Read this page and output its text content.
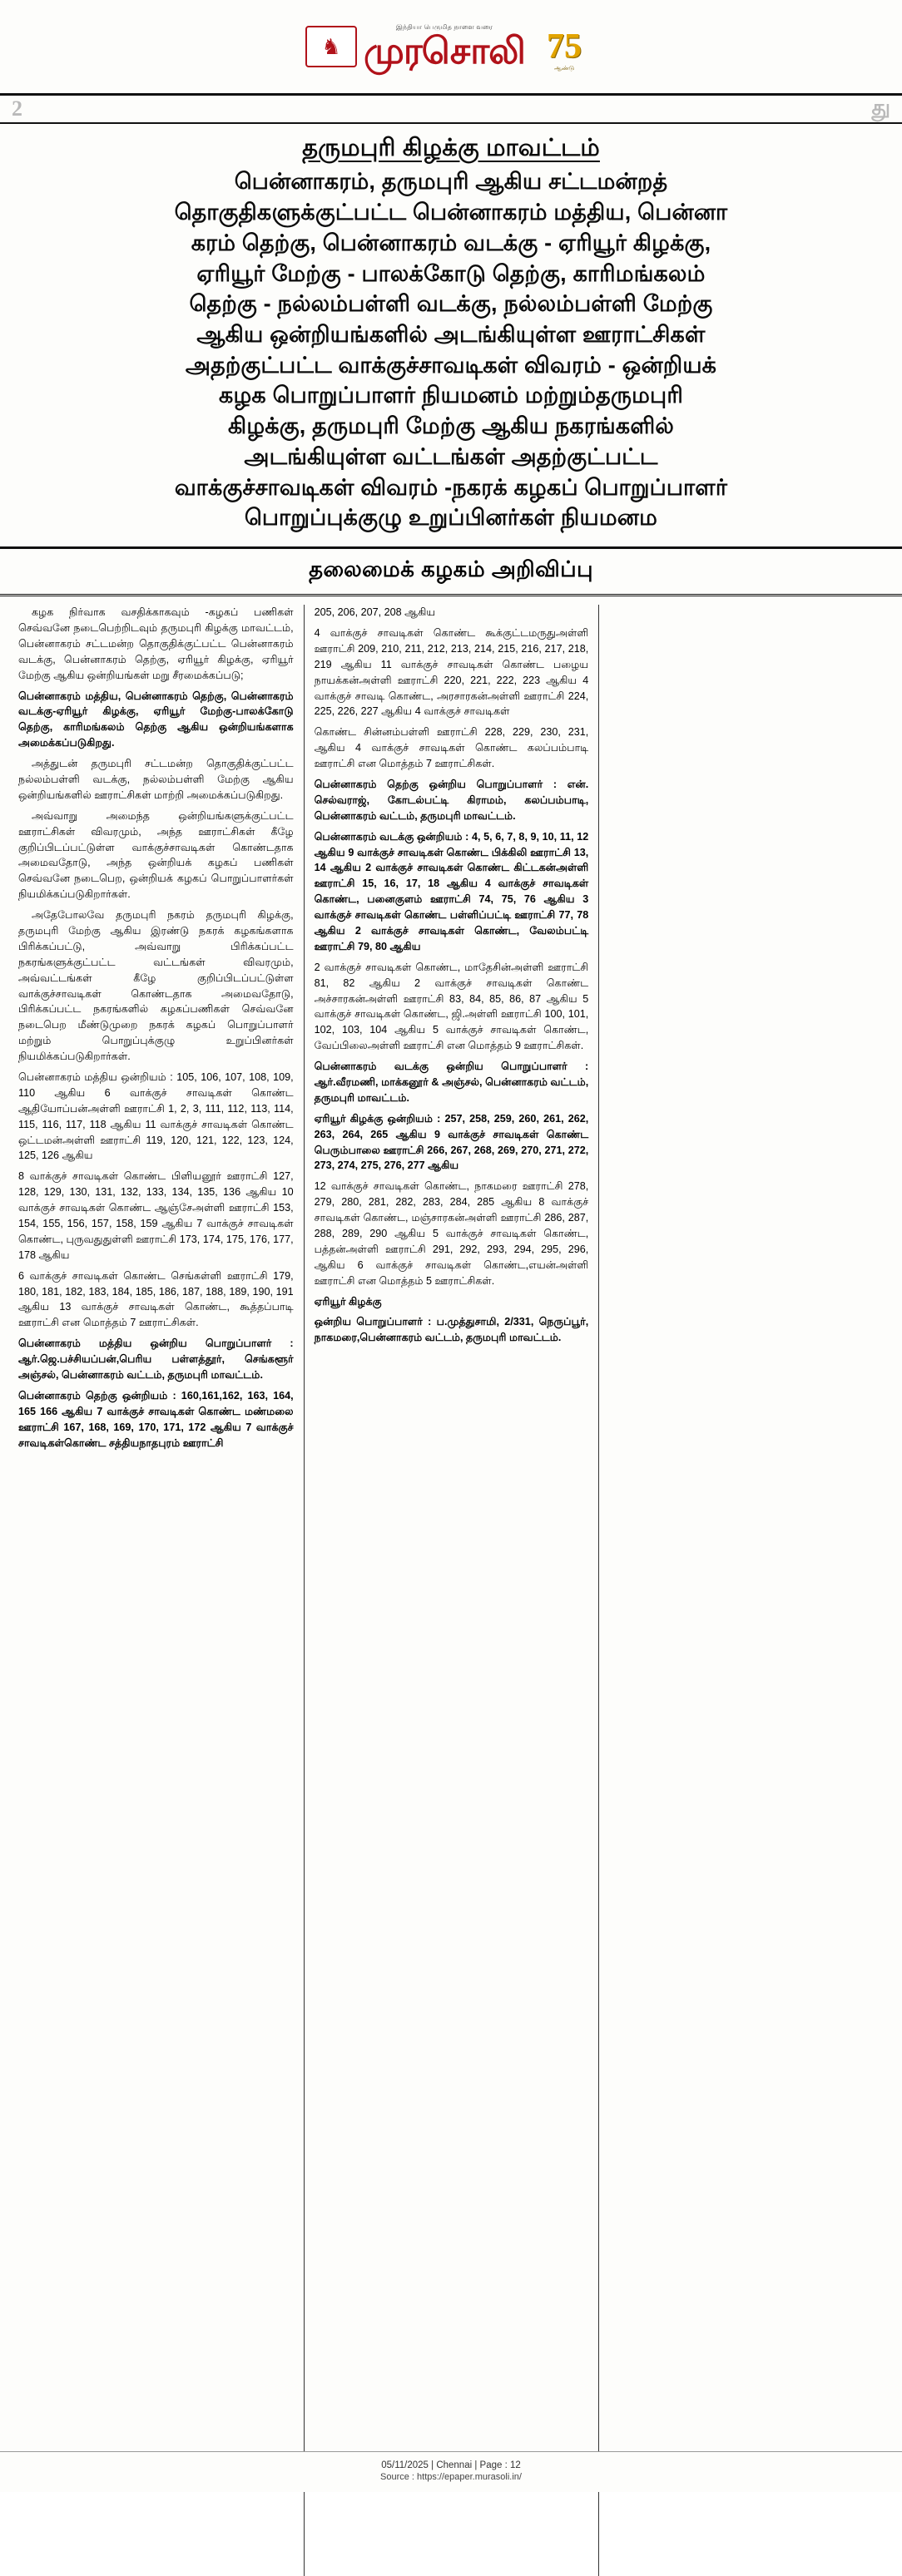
♞
இந்தியா பெருமித நாளை வரை
முரசொலி 75
ஆண்டு
2	து
தருமபுரி கிழக்கு மாவட்டம்
பென்னாகரம், தருமபுரி ஆகிய சட்டமன்றத்
தொகுதிகளுக்குட்பட்ட பென்னாகரம் மத்திய, பென்னா
கரம் தெற்கு, பென்னாகரம் வடக்கு - ஏரியூர் கிழக்கு,
ஏரியூர் மேற்கு - பாலக்கோடு தெற்கு, காரிமங்கலம்
தெற்கு - நல்லம்பள்ளி வடக்கு, நல்லம்பள்ளி மேற்கு
ஆகிய ஒன்றியங்களில் அடங்கியுள்ள ஊராட்சிகள்
அதற்குட்பட்ட வாக்குச்சாவடிகள் விவரம் - ஒன்றியக்
கழக பொறுப்பாளர் நியமனம் மற்றும்தருமபுரி
கிழக்கு, தருமபுரி மேற்கு ஆகிய நகரங்களில்
அடங்கியுள்ள வட்டங்கள் அதற்குட்பட்ட
வாக்குச்சாவடிகள் விவரம் -நகரக் கழகப் பொறுப்பாளர்
பொறுப்புக்குழு உறுப்பினர்கள் நியமனம
தலைமைக் கழகம் அறிவிப்பு

கழக நிர்வாக வசதிக்காகவும் -கழகப் பணிகள் செவ்வனே நடைபெற்றிடவும் தருமபுரி கிழக்கு மாவட்டம், பென்னாகரம் சட்டமன்ற தொகுதிக்குட்பட்ட பென்னாகரம் வடக்கு, பென்னாகரம் தெற்கு, ஏரியூர் கிழக்கு, ஏரியூர் மேற்கு ஆகிய ஒன்றியங்கள் மறு சீரமைக்கப்படு;

பென்னாகரம் மத்திய, பென்னாகரம் தெற்கு, பென்னாகரம் வடக்கு-ஏரியூர் கிழக்கு, ஏரியூர் மேற்கு-பாலக்கோடு தெற்கு, காரிமங்கலம் தெற்கு ஆகிய ஒன்றியங்களாக அமைக்கப்படுகிறது.

அத்துடன் தருமபுரி சட்டமன்ற தொகுதிக்குட்பட்ட நல்லம்பள்ளி வடக்கு, நல்லம்பள்ளி மேற்கு ஆகிய ஒன்றியங்களில் ஊராட்சிகள் மாற்றி அமைக்கப்படுகிறது.

அவ்வாறு அமைந்த ஒன்றியங்களுக்குட்பட்ட ஊராட்சிகள் விவரமும், அந்த ஊராட்சிகள் கீழே குறிப்பிடப்பட்டுள்ள வாக்குச்சாவடிகள் கொண்டதாக அமைவதோடு, அந்த ஒன்றியக் கழகப் பணிகள் செவ்வனே நடைபெற, ஒன்றியக் கழகப் பொறுப்பாளர்கள் நியமிக்கப்படுகிறார்கள்.

அதேபோலவே தருமபுரி நகரம் தருமபுரி கிழக்கு, தருமபுரி மேற்கு ஆகிய இரண்டு நகரக் கழகங்களாக பிரிக்கப்பட்டு, அவ்வாறு பிரிக்கப்பட்ட நகரங்களுக்குட்பட்ட வட்டங்கள் விவரமும், அவ்வட்டங்கள் கீழே குறிப்பிடப்பட்டுள்ள வாக்குச்சாவடிகள் கொண்டதாக அமைவதோடு, பிரிக்கப்பட்ட நகரங்களில் கழகப்பணிகள் செவ்வனே நடைபெற மீண்டுமுறை நகரக் கழகப் பொறுப்பாளர் மற்றும் பொறுப்புக்குழு உறுப்பினர்கள் நியமிக்கப்படுகிறார்கள்.

பென்னாகரம் மத்திய ஒன்றியம் : 105, 106, 107, 108, 109, 110 ஆகிய 6 வாக்குச் சாவடிகள் கொண்ட ஆதியோப்பன்அள்ளி ஊராட்சி 1, 2, 3, 111, 112, 113, 114, 115, 116, 117, 118 ஆகிய 11 வாக்குச் சாவடிகள் கொண்ட ஒட்டமன்அள்ளி ஊராட்சி 119, 120, 121, 122, 123, 124, 125, 126 ஆகிய

8 வாக்குச் சாவடிகள் கொண்ட பிளியனூர் ஊராட்சி 127, 128, 129, 130, 131, 132, 133, 134, 135, 136 ஆகிய 10 வாக்குச் சாவடிகள் கொண்ட ஆஞ்சேஅள்ளி ஊராட்சி 153, 154, 155, 156, 157, 158, 159 ஆகிய 7 வாக்குச் சாவடிகள் கொண்ட, புருவதுதுள்ளி ஊராட்சி 173, 174, 175, 176, 177, 178 ஆகிய

6 வாக்குச் சாவடிகள் கொண்ட செங்கள்ளி ஊராட்சி 179, 180, 181, 182, 183, 184, 185, 186, 187, 188, 189, 190, 191 ஆகிய 13 வாக்குச் சாவடிகள் கொண்ட, கூத்தப்பாடி ஊராட்சி என மொத்தம் 7 ஊராட்சிகள்.

பென்னாகரம் மத்திய ஒன்றிய பொறுப்பாளர் : ஆர்.ஜெ.பச்சியப்பன்,பெரிய பள்ளத்தூர், செங்களூர் அஞ்சல், பென்னாகரம் வட்டம், தருமபுரி மாவட்டம்.

பென்னாகரம் தெற்கு ஒன்றியம் : 160,161,162, 163, 164, 165 166 ஆகிய 7 வாக்குச் சாவடிகள் கொண்ட மண்மலை ஊராட்சி 167, 168, 169, 170, 171, 172 ஆகிய 7 வாக்குச் சாவடிகள்கொண்ட சத்தியநாதபுரம் ஊராட்சி

205, 206, 207, 208 ஆகிய

4 வாக்குச் சாவடிகள் கொண்ட கூக்குட்டமருதுஅள்ளி ஊராட்சி 209, 210, 211, 212, 213, 214, 215, 216, 217, 218, 219 ஆகிய 11 வாக்குச் சாவடிகள் கொண்ட பழைய நாயக்கன்அள்ளி ஊராட்சி 220, 221, 222, 223 ஆகிய 4 வாக்குச் சாவடி கொண்ட, அரசாரகன்அள்ளி ஊராட்சி 224, 225, 226, 227 ஆகிய 4 வாக்குச் சாவடிகள்

கொண்ட சின்னம்பள்ளி ஊராட்சி 228, 229, 230, 231, ஆகிய 4 வாக்குச் சாவடிகள் கொண்ட கலப்பம்பாடி ஊராட்சி என மொத்தம் 7 ஊராட்சிகள்.

பென்னாகரம் தெற்கு ஒன்றிய பொறுப்பாளர் : என். செல்வராஜ், கோடல்பட்டி கிராமம், கலப்பம்பாடி, பென்னாகரம் வட்டம், தருமபுரி மாவட்டம்.

பென்னாகரம் வடக்கு ஒன்றியம் : 4, 5, 6, 7, 8, 9, 10, 11, 12 ஆகிய 9 வாக்குச் சாவடிகள் கொண்ட பிக்கிலி ஊராட்சி 13, 14 ஆகிய 2 வாக்குச் சாவடிகள் கொண்ட கிட்டகன்அள்ளி ஊராட்சி 15, 16, 17, 18 ஆகிய 4 வாக்குச் சாவடிகள் கொண்ட, பனைகுளம் ஊராட்சி 74, 75, 76 ஆகிய 3 வாக்குச் சாவடிகள் கொண்ட பள்ளிப்பட்டி ஊராட்சி 77, 78 ஆகிய 2 வாக்குச் சாவடிகள் கொண்ட, வேலம்பட்டி ஊராட்சி 79, 80 ஆகிய

2 வாக்குச் சாவடிகள் கொண்ட, மாதேசின்அள்ளி ஊராட்சி 81, 82 ஆகிய 2 வாக்குச் சாவடிகள் கொண்ட அச்சாரகன்அள்ளி ஊராட்சி 83, 84, 85, 86, 87 ஆகிய 5 வாக்குச் சாவடிகள் கொண்ட, ஜி.அள்ளி ஊராட்சி 100, 101, 102, 103, 104 ஆகிய 5 வாக்குச் சாவடிகள் கொண்ட, வேப்பிலைஅள்ளி ஊராட்சி என மொத்தம் 9 ஊராட்சிகள்.

பென்னாகரம் வடக்கு ஒன்றிய பொறுப்பாளர் : ஆர்.வீரமணி, மாக்கனூர் & அஞ்சல், பென்னாகரம் வட்டம், தருமபுரி மாவட்டம்.

ஏரியூர் கிழக்கு ஒன்றியம் : 257, 258, 259, 260, 261, 262, 263, 264, 265 ஆகிய 9 வாக்குச் சாவடிகள் கொண்ட பெரும்பாலை ஊராட்சி 266, 267, 268, 269, 270, 271, 272, 273, 274, 275, 276, 277 ஆகிய

12 வாக்குச் சாவடிகள் கொண்ட, நாகமரை ஊராட்சி 278, 279, 280, 281, 282, 283, 284, 285 ஆகிய 8 வாக்குச் சாவடிகள் கொண்ட, மஞ்சாரகன்அள்ளி ஊராட்சி 286, 287, 288, 289, 290 ஆகிய 5 வாக்குச் சாவடிகள் கொண்ட, பத்தன்அள்ளி ஊராட்சி 291, 292, 293, 294, 295, 296, ஆகிய 6 வாக்குச் சாவடிகள் கொண்ட,எயன்அள்ளி ஊராட்சி என மொத்தம் 5 ஊராட்சிகள்.

ஏரியூர் கிழக்கு

ஒன்றிய பொறுப்பாளர் : ப.முத்துசாமி, 2/331, நெருப்பூர், நாகமரை,பென்னாகரம் வட்டம், தருமபுரி மாவட்டம்.

05/11/2025 | Chennai | Page : 12
Source : https://epaper.murasoli.in/
